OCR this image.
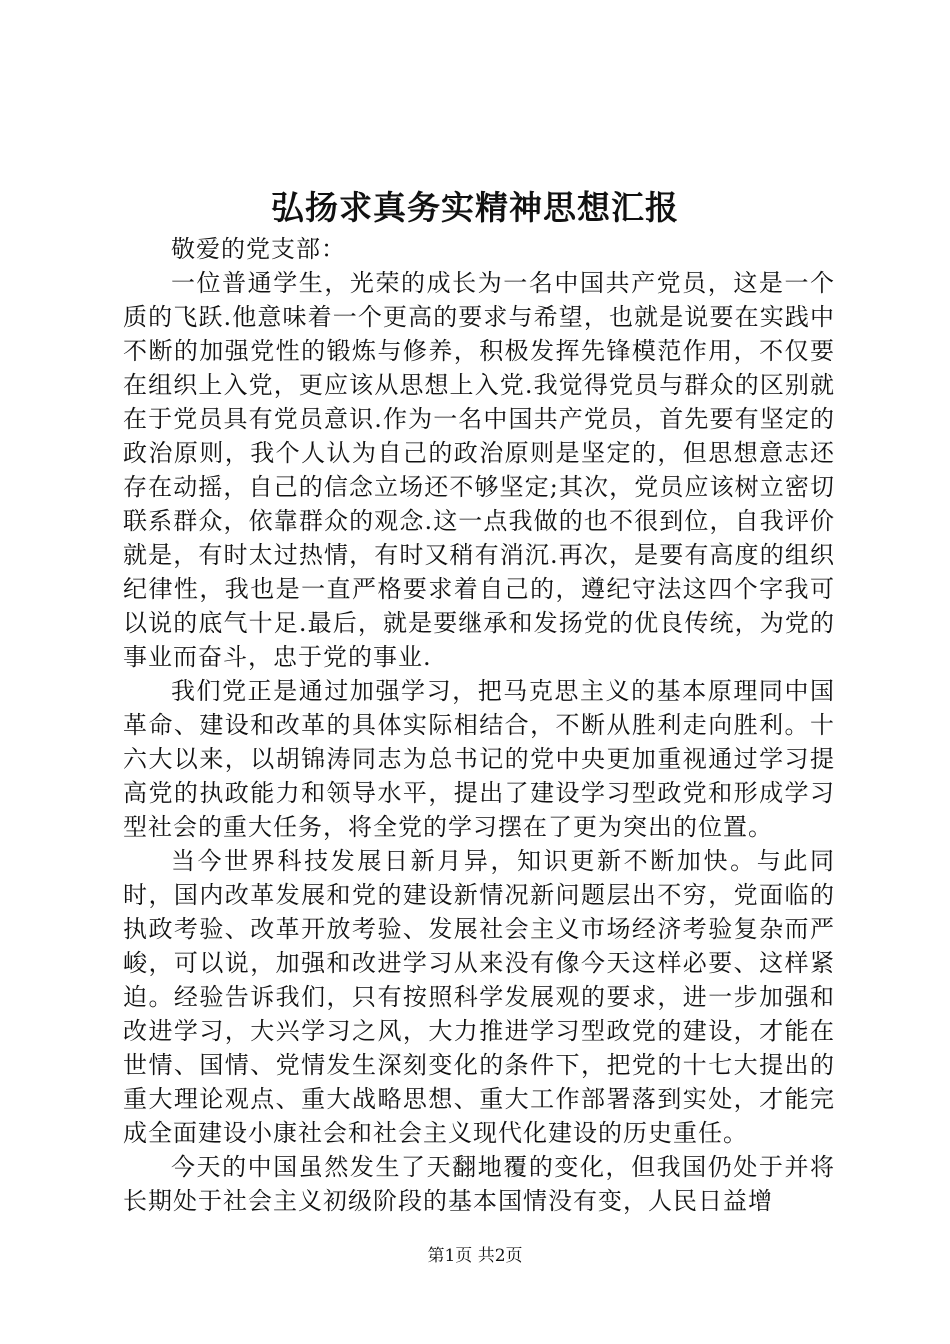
弘扬求真务实精神思想汇报

敬爱的党支部：

一位普通学生，光荣的成长为一名中国共产党员，这是一个质的飞跃.他意味着一个更高的要求与希望，也就是说要在实践中不断的加强党性的锻炼与修养，积极发挥先锋模范作用，不仅要在组织上入党，更应该从思想上入党.我觉得党员与群众的区别就在于党员具有党员意识.作为一名中国共产党员，首先要有坚定的政治原则，我个人认为自己的政治原则是坚定的，但思想意志还存在动摇，自己的信念立场还不够坚定;其次，党员应该树立密切联系群众，依靠群众的观念.这一点我做的也不很到位，自我评价就是，有时太过热情，有时又稍有消沉.再次，是要有高度的组织纪律性，我也是一直严格要求着自己的，遵纪守法这四个字我可以说的底气十足.最后，就是要继承和发扬党的优良传统，为党的事业而奋斗，忠于党的事业.

我们党正是通过加强学习，把马克思主义的基本原理同中国革命、建设和改革的具体实际相结合，不断从胜利走向胜利。十六大以来，以胡锦涛同志为总书记的党中央更加重视通过学习提高党的执政能力和领导水平，提出了建设学习型政党和形成学习型社会的重大任务，将全党的学习摆在了更为突出的位置。

当今世界科技发展日新月异，知识更新不断加快。与此同时，国内改革发展和党的建设新情况新问题层出不穷，党面临的执政考验、改革开放考验、发展社会主义市场经济考验复杂而严峻，可以说，加强和改进学习从来没有像今天这样必要、这样紧迫。经验告诉我们，只有按照科学发展观的要求，进一步加强和改进学习，大兴学习之风，大力推进学习型政党的建设，才能在世情、国情、党情发生深刻变化的条件下，把党的十七大提出的重大理论观点、重大战略思想、重大工作部署落到实处，才能完成全面建设小康社会和社会主义现代化建设的历史重任。

今天的中国虽然发生了天翻地覆的变化，但我国仍处于并将长期处于社会主义初级阶段的基本国情没有变，人民日益增

第1页 共2页
